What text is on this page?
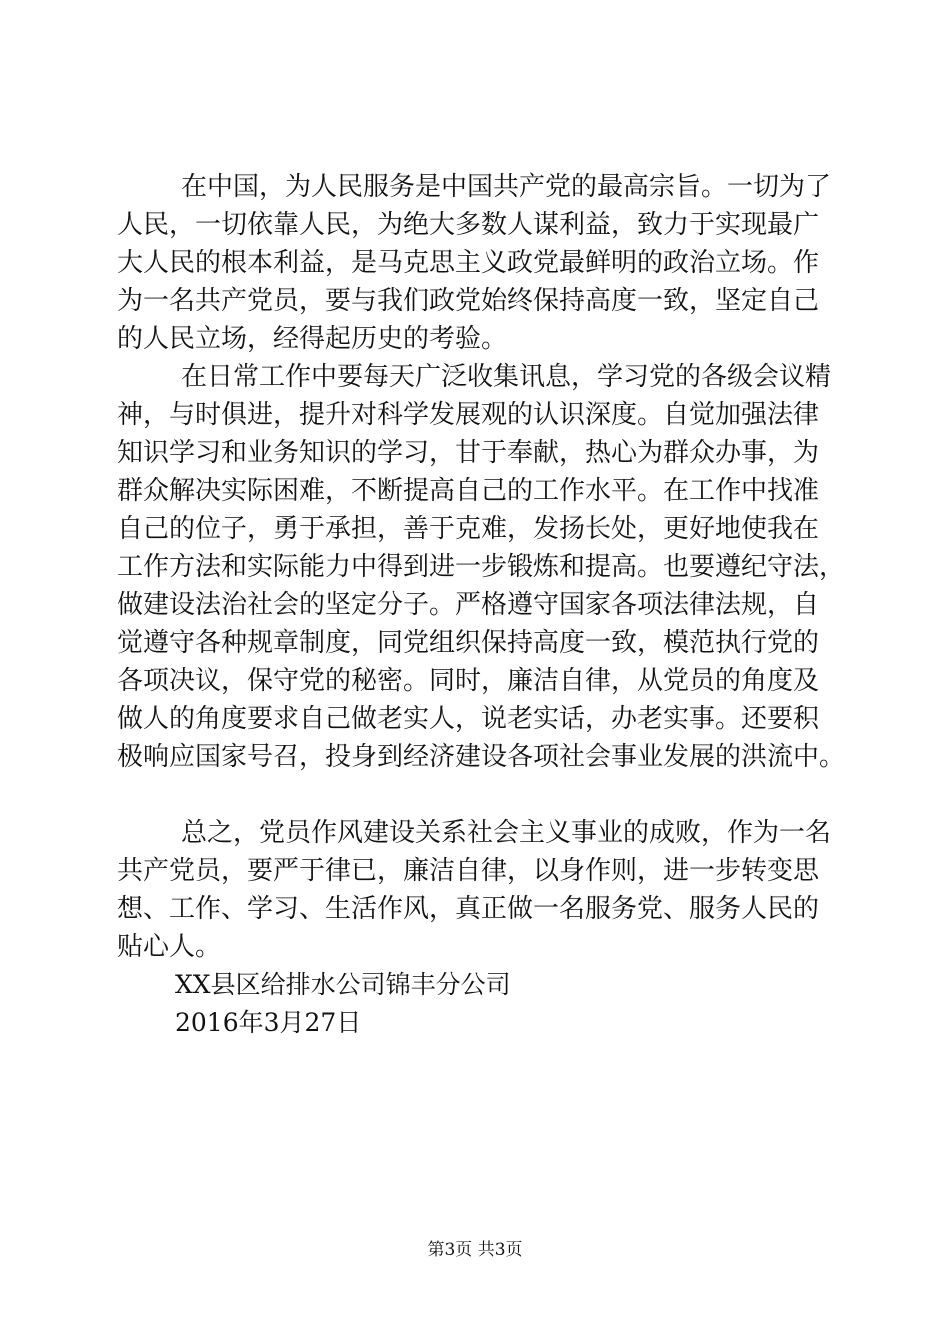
在中国，为人民服务是中国共产党的最高宗旨。一切为了
人民，一切依靠人民，为绝大多数人谋利益，致力于实现最广
大人民的根本利益，是马克思主义政党最鲜明的政治立场。作
为一名共产党员，要与我们政党始终保持高度一致，坚定自己
的人民立场，经得起历史的考验。
在日常工作中要每天广泛收集讯息，学习党的各级会议精
神，与时俱进，提升对科学发展观的认识深度。自觉加强法律
知识学习和业务知识的学习，甘于奉献，热心为群众办事，为
群众解决实际困难，不断提高自己的工作水平。在工作中找准
自己的位子，勇于承担，善于克难，发扬长处，更好地使我在
工作方法和实际能力中得到进一步锻炼和提高。也要遵纪守法，
做建设法治社会的坚定分子。严格遵守国家各项法律法规，自
觉遵守各种规章制度，同党组织保持高度一致，模范执行党的
各项决议，保守党的秘密。同时，廉洁自律，从党员的角度及
做人的角度要求自己做老实人，说老实话，办老实事。还要积
极响应国家号召，投身到经济建设各项社会事业发展的洪流中。
总之，党员作风建设关系社会主义事业的成败，作为一名
共产党员，要严于律已，廉洁自律，以身作则，进一步转变思
想、工作、学习、生活作风，真正做一名服务党、服务人民的
贴心人。
XX县区给排水公司锦丰分公司
2016年3月27日
第3页 共3页
